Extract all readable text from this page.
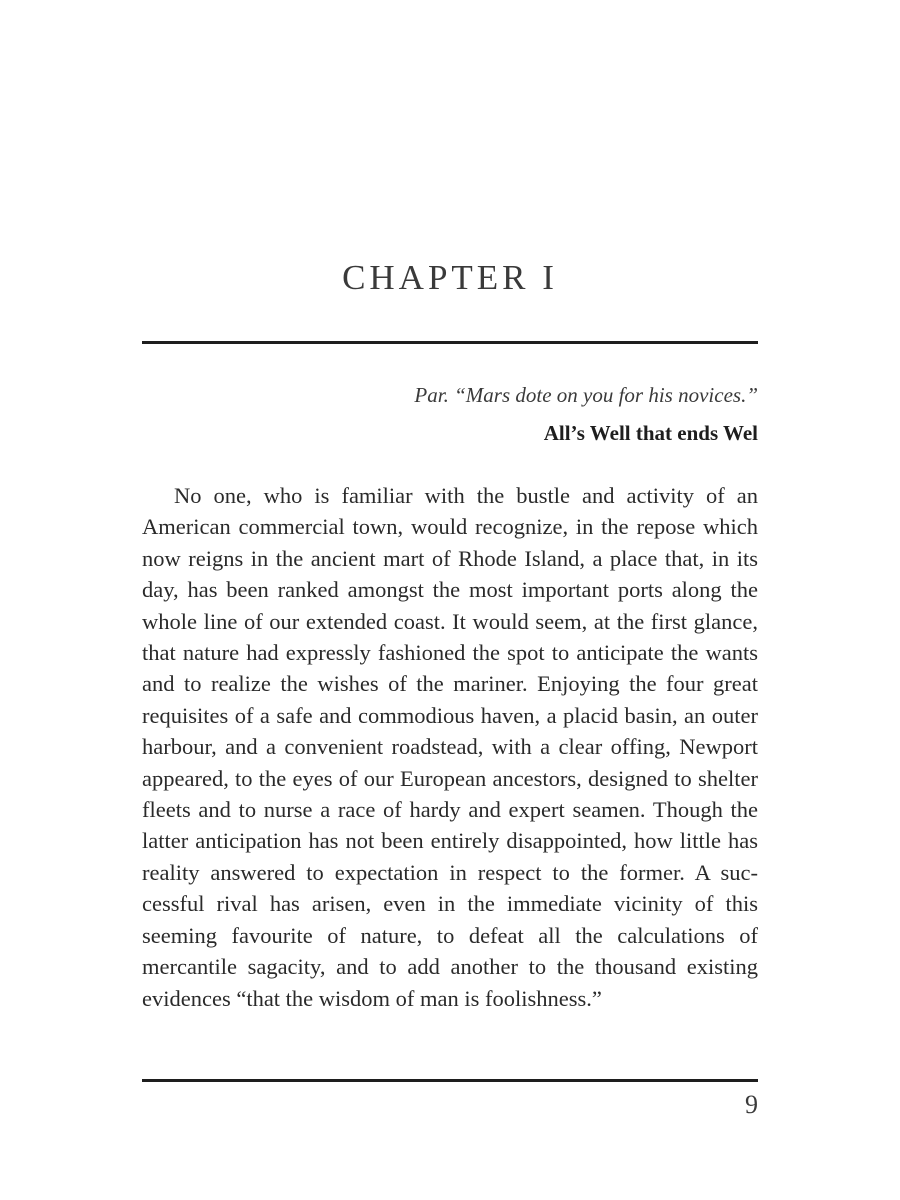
CHAPTER I
Par. “Mars dote on you for his novices.”
All’s Well that ends Wel

No one, who is familiar with the bustle and activity of an American commercial town, would recognize, in the repose which now reigns in the ancient mart of Rhode Island, a place that, in its day, has been ranked amongst the most important ports along the whole line of our extended coast. It would seem, at the first glance, that nature had expressly fashioned the spot to anticipate the wants and to realize the wishes of the mariner. Enjoying the four great requisites of a safe and commodious haven, a placid basin, an outer harbour, and a convenient roadstead, with a clear offing, Newport appeared, to the eyes of our European ancestors, designed to shelter fleets and to nurse a race of hardy and expert seamen. Though the latter anticipation has not been entirely disappointed, how little has reality answered to expectation in respect to the former. A successful rival has arisen, even in the immediate vicinity of this seeming favourite of nature, to defeat all the calculations of mercantile sagacity, and to add another to the thousand existing evidences “that the wisdom of man is foolishness.”

9
